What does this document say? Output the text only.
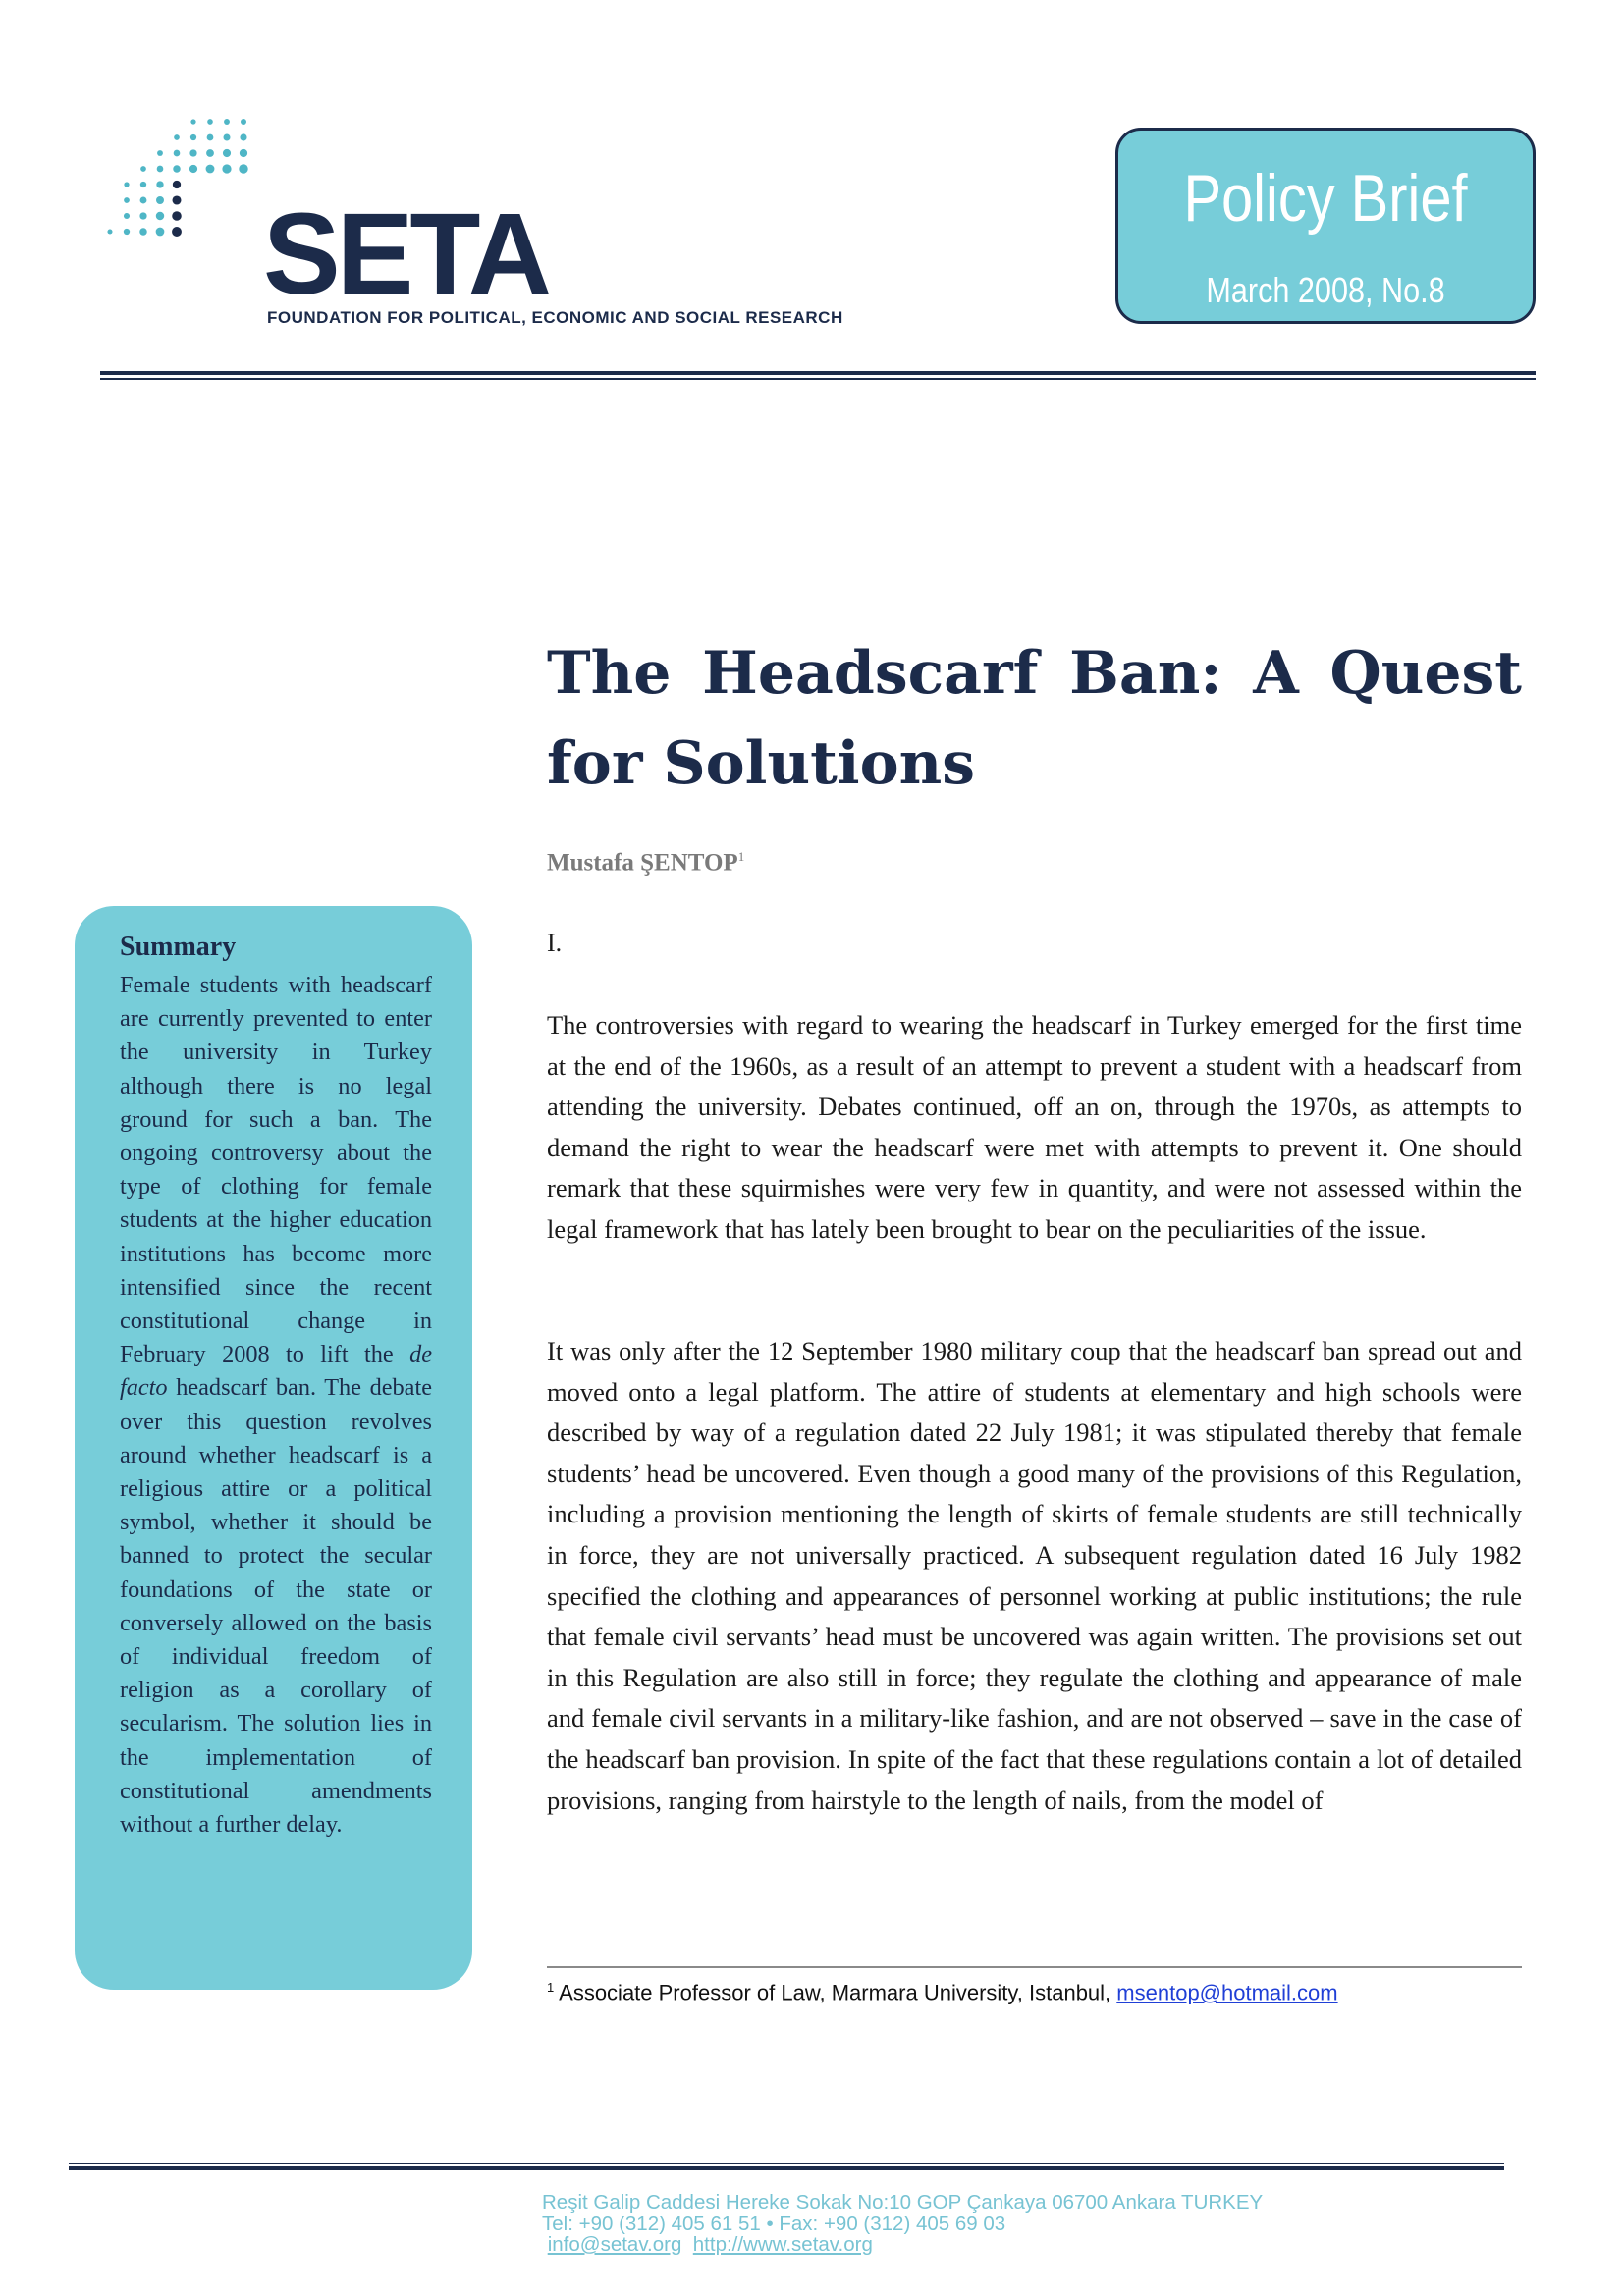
SETA
FOUNDATION FOR POLITICAL, ECONOMIC AND SOCIAL RESEARCH
Policy Brief
March 2008, No.8
The Headscarf Ban: A Quest for Solutions
Mustafa ŞENTOP$^1$
Summary
Female students with headscarf are currently prevented to enter the university in Turkey although there is no legal ground for such a ban. The ongoing controversy about the type of clothing for female students at the higher education institutions has become more intensified since the recent constitutional change in February 2008 to lift the de facto headscarf ban. The debate over this question revolves around whether headscarf is a religious attire or a political symbol, whether it should be banned to protect the secular foundations of the state or conversely allowed on the basis of individual freedom of religion as a corollary of secularism. The solution lies in the implementation of constitutional amendments without a further delay.
I.
The controversies with regard to wearing the headscarf in Turkey emerged for the first time at the end of the 1960s, as a result of an attempt to prevent a student with a headscarf from attending the university. Debates continued, off an on, through the 1970s, as attempts to demand the right to wear the headscarf were met with attempts to prevent it. One should remark that these squirmishes were very few in quantity, and were not assessed within the legal framework that has lately been brought to bear on the peculiarities of the issue.
It was only after the 12 September 1980 military coup that the headscarf ban spread out and moved onto a legal platform. The attire of students at elementary and high schools were described by way of a regulation dated 22 July 1981; it was stipulated thereby that female students’ head be uncovered. Even though a good many of the provisions of this Regulation, including a provision mentioning the length of skirts of female students are still technically in force, they are not universally practiced. A subsequent regulation dated 16 July 1982 specified the clothing and appearances of personnel working at public institutions; the rule that female civil servants’ head must be uncovered was again written. The provisions set out in this Regulation are also still in force; they regulate the clothing and appearance of male and female civil servants in a military-like fashion, and are not observed – save in the case of the headscarf ban provision. In spite of the fact that these regulations contain a lot of detailed provisions, ranging from hairstyle to the length of nails, from the model of
$^1$ Associate Professor of Law, Marmara University, Istanbul, msentop@hotmail.com
Reşit Galip Caddesi Hereke Sokak No:10 GOP Çankaya 06700 Ankara TURKEY
Tel: +90 (312) 405 61 51 • Fax: +90 (312) 405 69 03
info@setav.org http://www.setav.org
